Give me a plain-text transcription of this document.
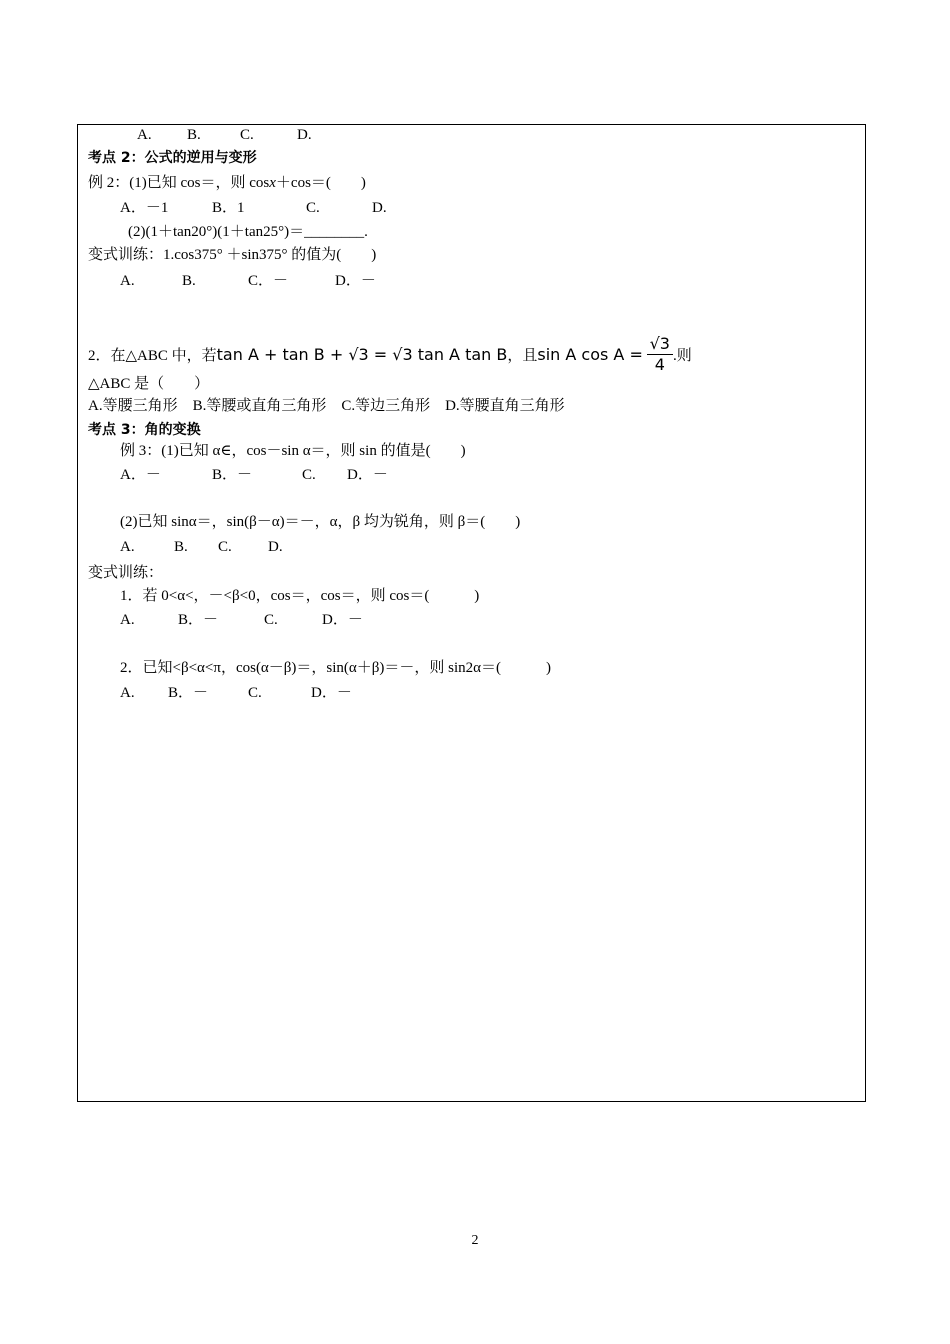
A. B.	C.	D.
考点 2：公式的逆用与变形
例 2：(1)已知 cos＝，则 cosx＋cos＝(　　)
A．－1	B．1	C.	D.
(2)(1＋tan20°)(1＋tan25°)＝________.
变式训练：1.cos375° ＋sin375° 的值为(　　)
A.	B.	C．－	D．－
2．在△ABC 中，若tan A + tan B + √3 = √3 tan A tan B，且sin A $\cos A = \frac{√3}{4}$ .则
△ABC 是（　　）
A.等腰三角形　B.等腰或直角三角形　C.等边三角形　D.等腰直角三角形
考点 3：角的变换
例 3：(1)已知 α∈，cos－sin α＝，则 sin 的值是(　　)
A．－	B．－	C. D．－
(2)已知 sinα＝，sin(β－α)＝－，α，β 均为锐角，则 β＝(　　)
A.	B. C. D.
变式训练：
1．若 0<α<，－<β<0，cos＝，cos＝，则 cos＝(　　　)
A.	B．－	C.	D．－
2．已知<β<α<π，cos(α－β)＝，sin(α＋β)＝－，则 sin2α＝(　　　)
A. B．－	C.	D．－
2
